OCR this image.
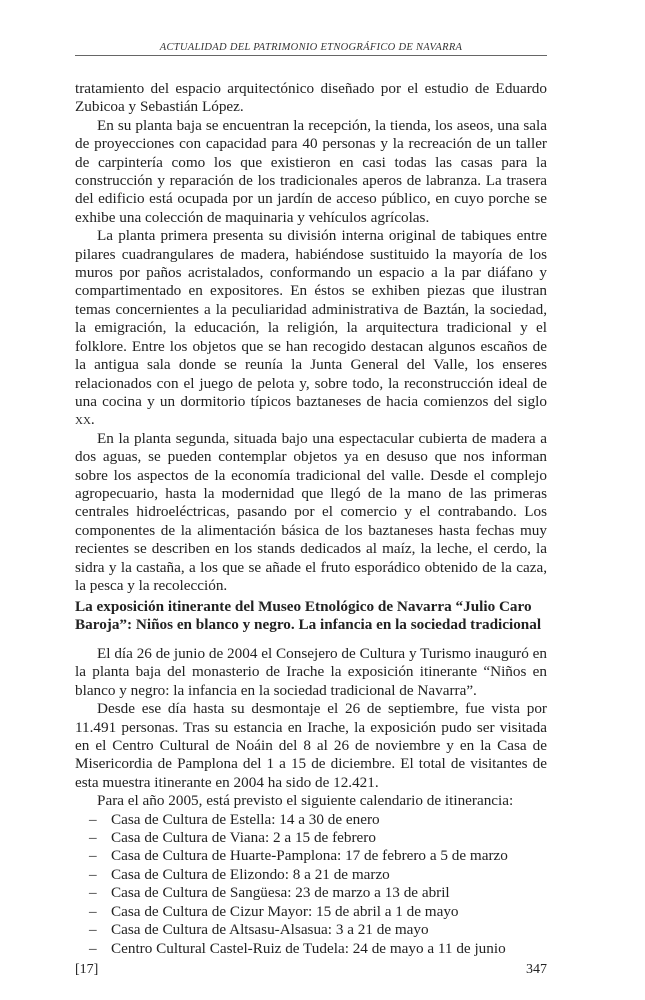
ACTUALIDAD DEL PATRIMONIO ETNOGRÁFICO DE NAVARRA

tratamiento del espacio arquitectónico diseñado por el estudio de Eduardo Zubicoa y Sebastián López.

En su planta baja se encuentran la recepción, la tienda, los aseos, una sala de proyecciones con capacidad para 40 personas y la recreación de un taller de carpintería como los que existieron en casi todas las casas para la construcción y reparación de los tradicionales aperos de labranza. La trasera del edificio está ocupada por un jardín de acceso público, en cuyo porche se exhibe una colección de maquinaria y vehículos agrícolas.

La planta primera presenta su división interna original de tabiques entre pilares cuadrangulares de madera, habiéndose sustituido la mayoría de los muros por paños acristalados, conformando un espacio a la par diáfano y compartimentado en expositores. En éstos se exhiben piezas que ilustran temas concernientes a la peculiaridad administrativa de Baztán, la sociedad, la emigración, la educación, la religión, la arquitectura tradicional y el folklore. Entre los objetos que se han recogido destacan algunos escaños de la antigua sala donde se reunía la Junta General del Valle, los enseres relacionados con el juego de pelota y, sobre todo, la reconstrucción ideal de una cocina y un dormitorio típicos baztaneses de hacia comienzos del siglo xx.

En la planta segunda, situada bajo una espectacular cubierta de madera a dos aguas, se pueden contemplar objetos ya en desuso que nos informan sobre los aspectos de la economía tradicional del valle. Desde el complejo agropecuario, hasta la modernidad que llegó de la mano de las primeras centrales hidroeléctricas, pasando por el comercio y el contrabando. Los componentes de la alimentación básica de los baztaneses hasta fechas muy recientes se describen en los stands dedicados al maíz, la leche, el cerdo, la sidra y la castaña, a los que se añade el fruto esporádico obtenido de la caza, la pesca y la recolección.

La exposición itinerante del Museo Etnológico de Navarra “Julio Caro Baroja”: Niños en blanco y negro. La infancia en la sociedad tradicional

El día 26 de junio de 2004 el Consejero de Cultura y Turismo inauguró en la planta baja del monasterio de Irache la exposición itinerante “Niños en blanco y negro: la infancia en la sociedad tradicional de Navarra”.

Desde ese día hasta su desmontaje el 26 de septiembre, fue vista por 11.491 personas. Tras su estancia en Irache, la exposición pudo ser visitada en el Centro Cultural de Noáin del 8 al 26 de noviembre y en la Casa de Misericordia de Pamplona del 1 a 15 de diciembre. El total de visitantes de esta muestra itinerante en 2004 ha sido de 12.421.

Para el año 2005, está previsto el siguiente calendario de itinerancia:

– Casa de Cultura de Estella: 14 a 30 de enero
– Casa de Cultura de Viana: 2 a 15 de febrero
– Casa de Cultura de Huarte-Pamplona: 17 de febrero a 5 de marzo
– Casa de Cultura de Elizondo: 8 a 21 de marzo
– Casa de Cultura de Sangüesa: 23 de marzo a 13 de abril
– Casa de Cultura de Cizur Mayor: 15 de abril a 1 de mayo
– Casa de Cultura de Altsasu-Alsasua: 3 a 21 de mayo
– Centro Cultural Castel-Ruiz de Tudela: 24 de mayo a 11 de junio
[17]	347
